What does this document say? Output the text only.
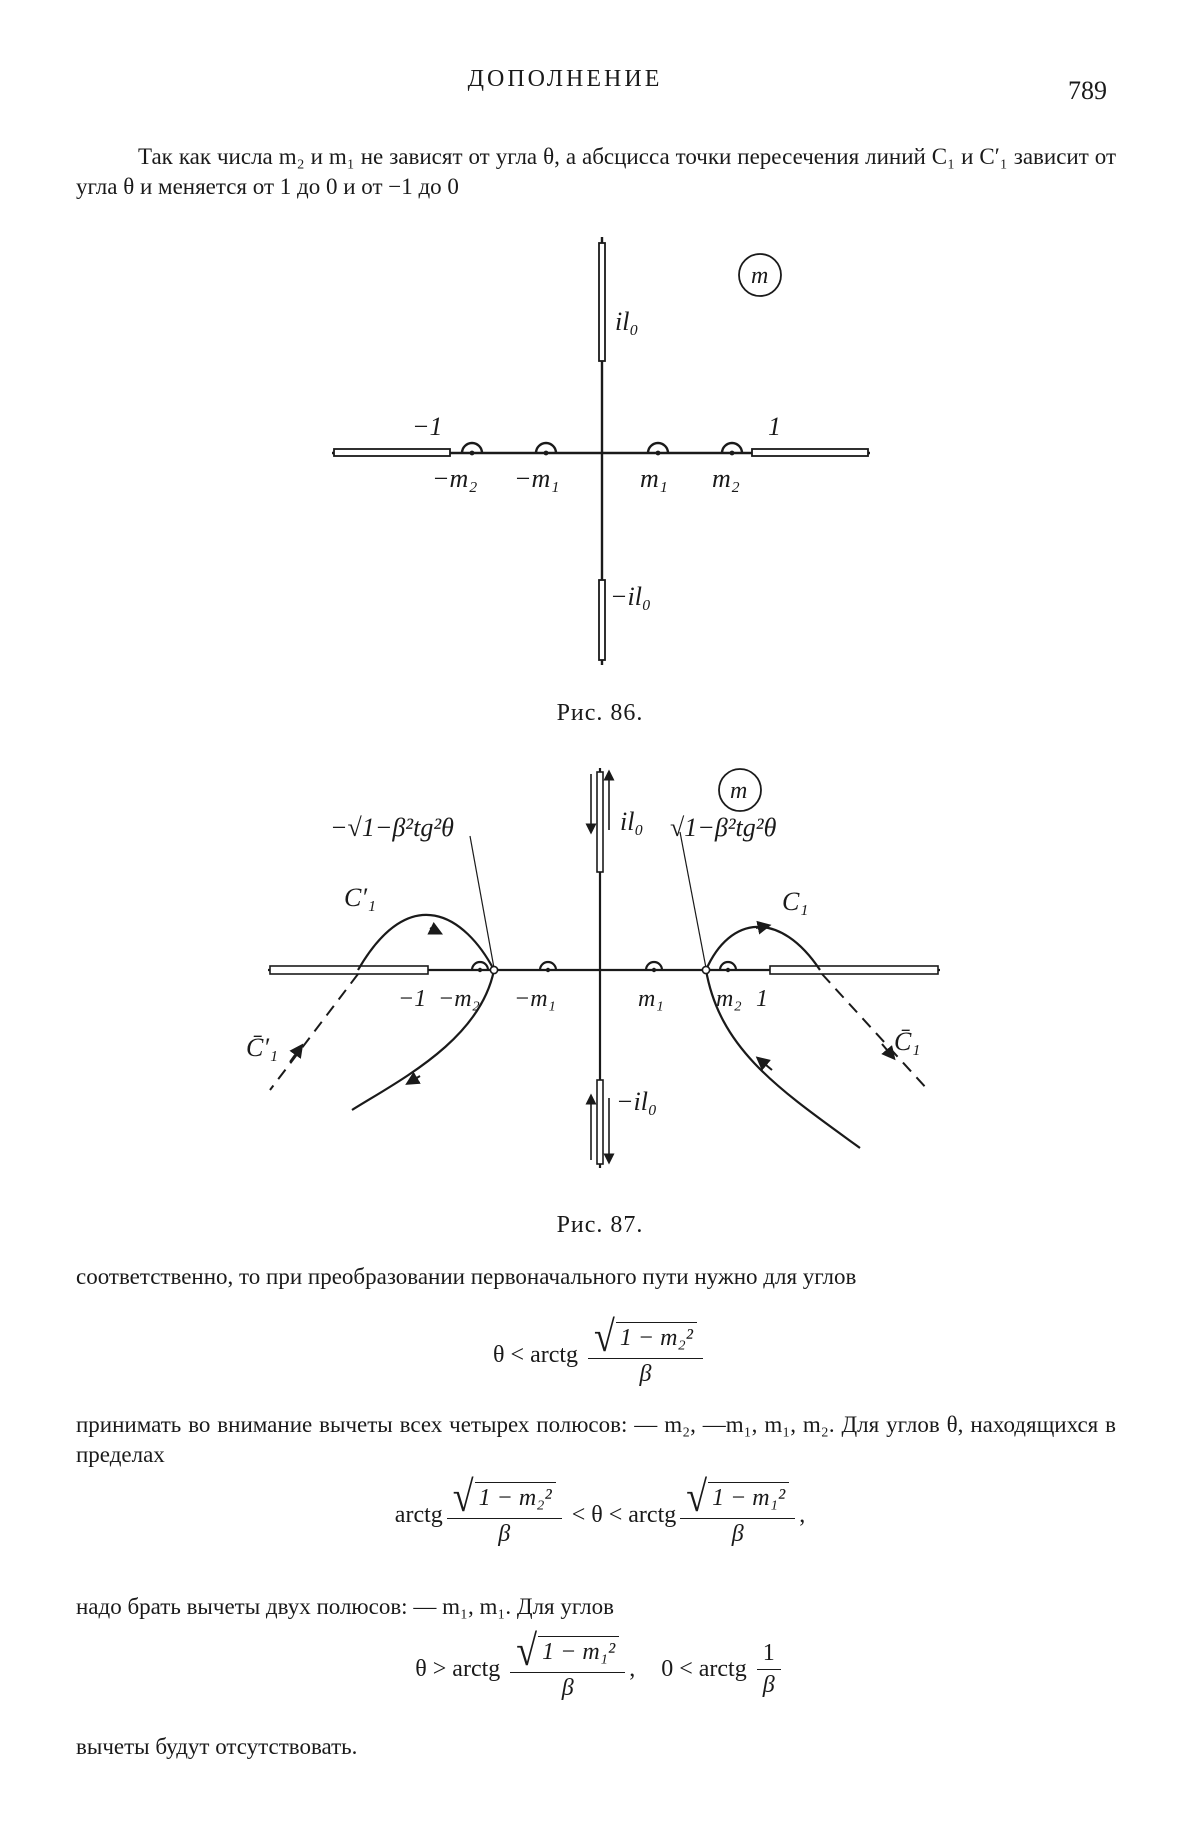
ДОПОЛНЕНИЕ	789
Так как числа m₂ и m₁ не зависят от угла θ, а абсцисса точки пересечения линий C₁ и C′₁ зависит от угла θ и меняется от 1 до 0 и от −1 до 0
m
il₀
−il₀
−1	1
−m₂ −m₁	m₁ m₂
Рис. 86.
m
il₀
−il₀
−√1−β²tg²θ	√1−β²tg²θ
C′₁	C₁
C̄′₁	C̄₁
−1 −m₂ −m₁	m₁ m₂ 1
Рис. 87.
соответственно, то при преобразовании первоначального пути нужно для углов
θ < arctg $\frac{\text{√ 1 − m₂²}}{\beta}$
принимать во внимание вычеты всех четырех полюсов: — m₂, —m₁, m₁, m₂. Для углов θ, находящихся в пределах
arctg $\frac{\text{√ 1 − m₂²}}{\beta} < \theta$ < arctg $\frac{\text{√ 1 − m₁²}}{\beta}$ ,
надо брать вычеты двух полюсов: — m₁, m₁. Для углов
θ > arctg $\frac{\text{√ 1 − m₁²}}{\beta}$ , 0 < arctg $\frac{1}{\beta}$
вычеты будут отсутствовать.
